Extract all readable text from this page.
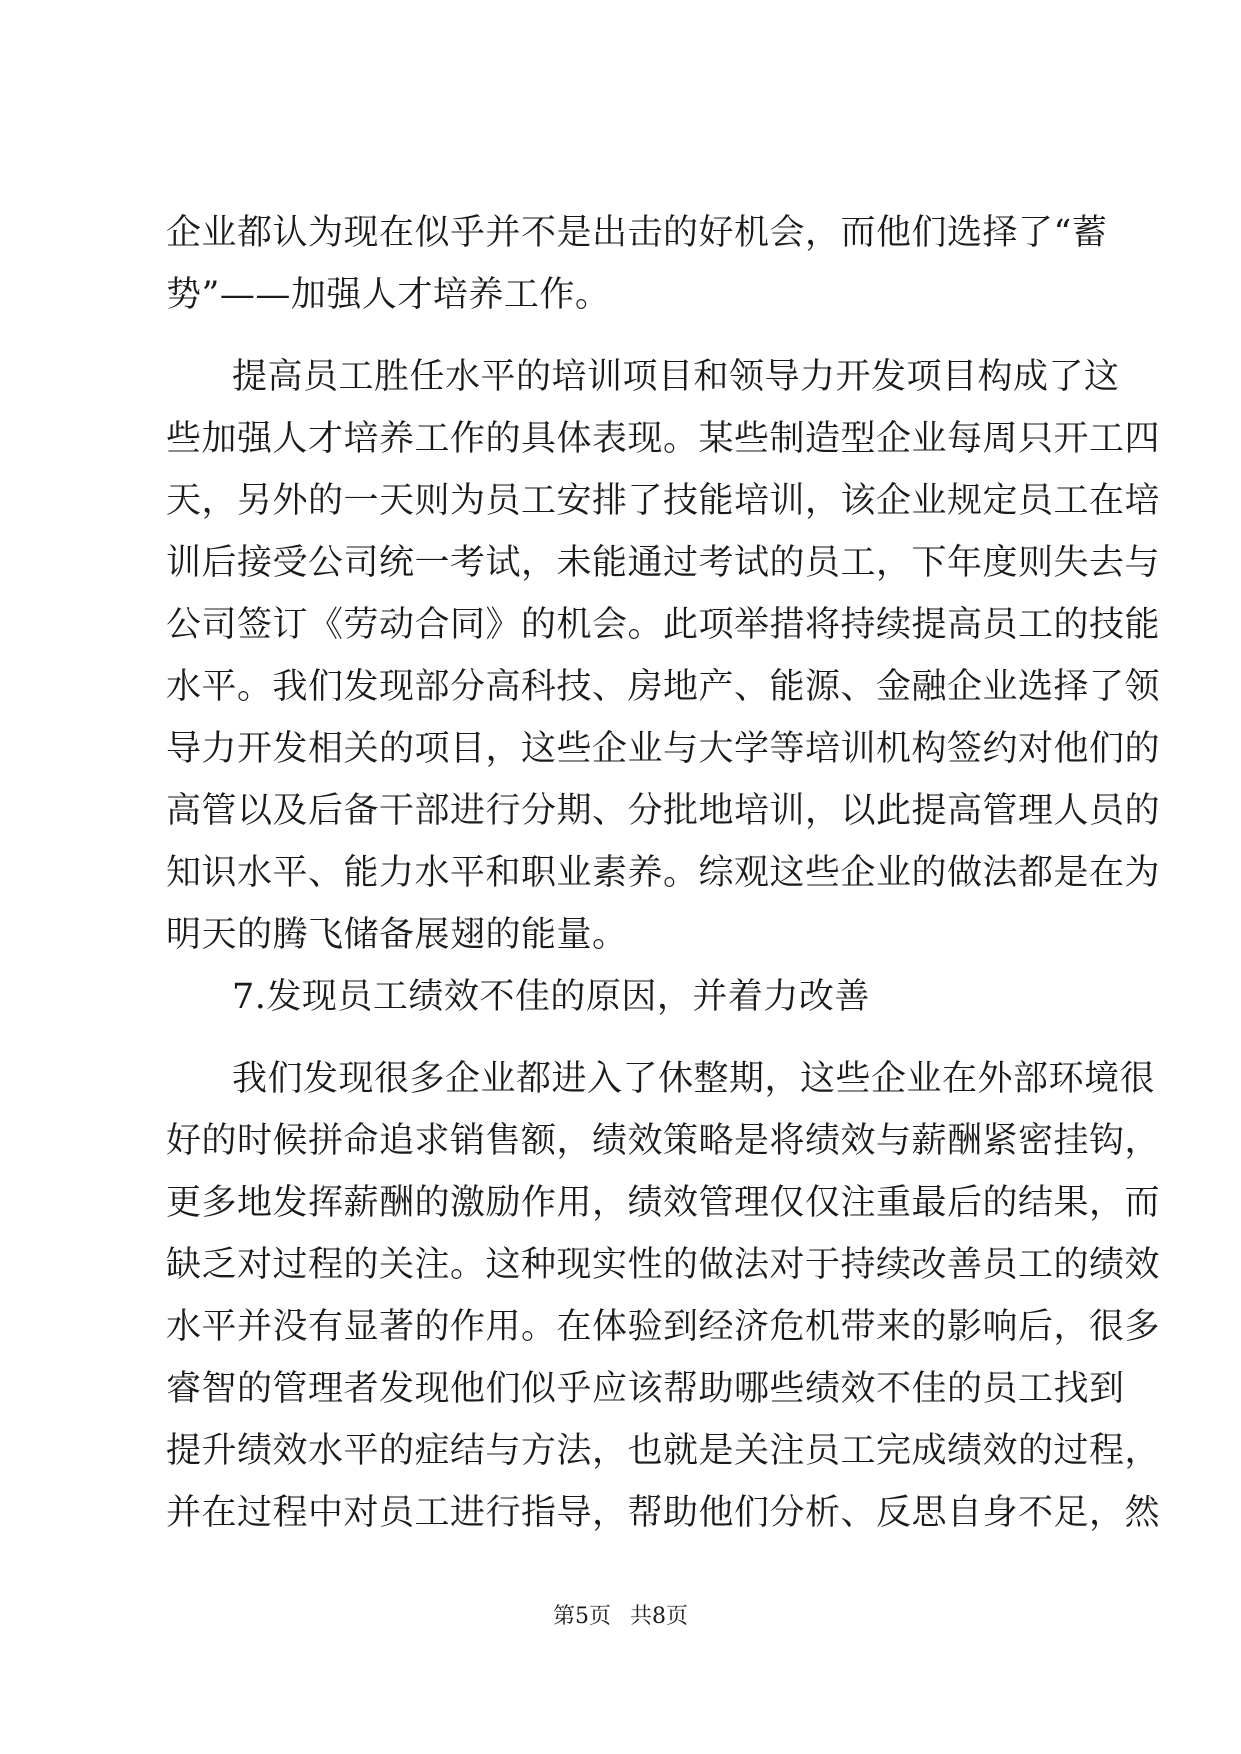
企业都认为现在似乎并不是出击的好机会，而他们选择了“蓄
势”——加强人才培养工作。
提高员工胜任水平的培训项目和领导力开发项目构成了这
些加强人才培养工作的具体表现。某些制造型企业每周只开工四
天，另外的一天则为员工安排了技能培训，该企业规定员工在培
训后接受公司统一考试，未能通过考试的员工，下年度则失去与
公司签订《劳动合同》的机会。此项举措将持续提高员工的技能
水平。我们发现部分高科技、房地产、能源、金融企业选择了领
导力开发相关的项目，这些企业与大学等培训机构签约对他们的
高管以及后备干部进行分期、分批地培训，以此提高管理人员的
知识水平、能力水平和职业素养。综观这些企业的做法都是在为
明天的腾飞储备展翅的能量。
7.发现员工绩效不佳的原因，并着力改善
我们发现很多企业都进入了休整期，这些企业在外部环境很
好的时候拼命追求销售额，绩效策略是将绩效与薪酬紧密挂钩，
更多地发挥薪酬的激励作用，绩效管理仅仅注重最后的结果，而
缺乏对过程的关注。这种现实性的做法对于持续改善员工的绩效
水平并没有显著的作用。在体验到经济危机带来的影响后，很多
睿智的管理者发现他们似乎应该帮助哪些绩效不佳的员工找到
提升绩效水平的症结与方法，也就是关注员工完成绩效的过程，
并在过程中对员工进行指导，帮助他们分析、反思自身不足，然
第5页 共8页
